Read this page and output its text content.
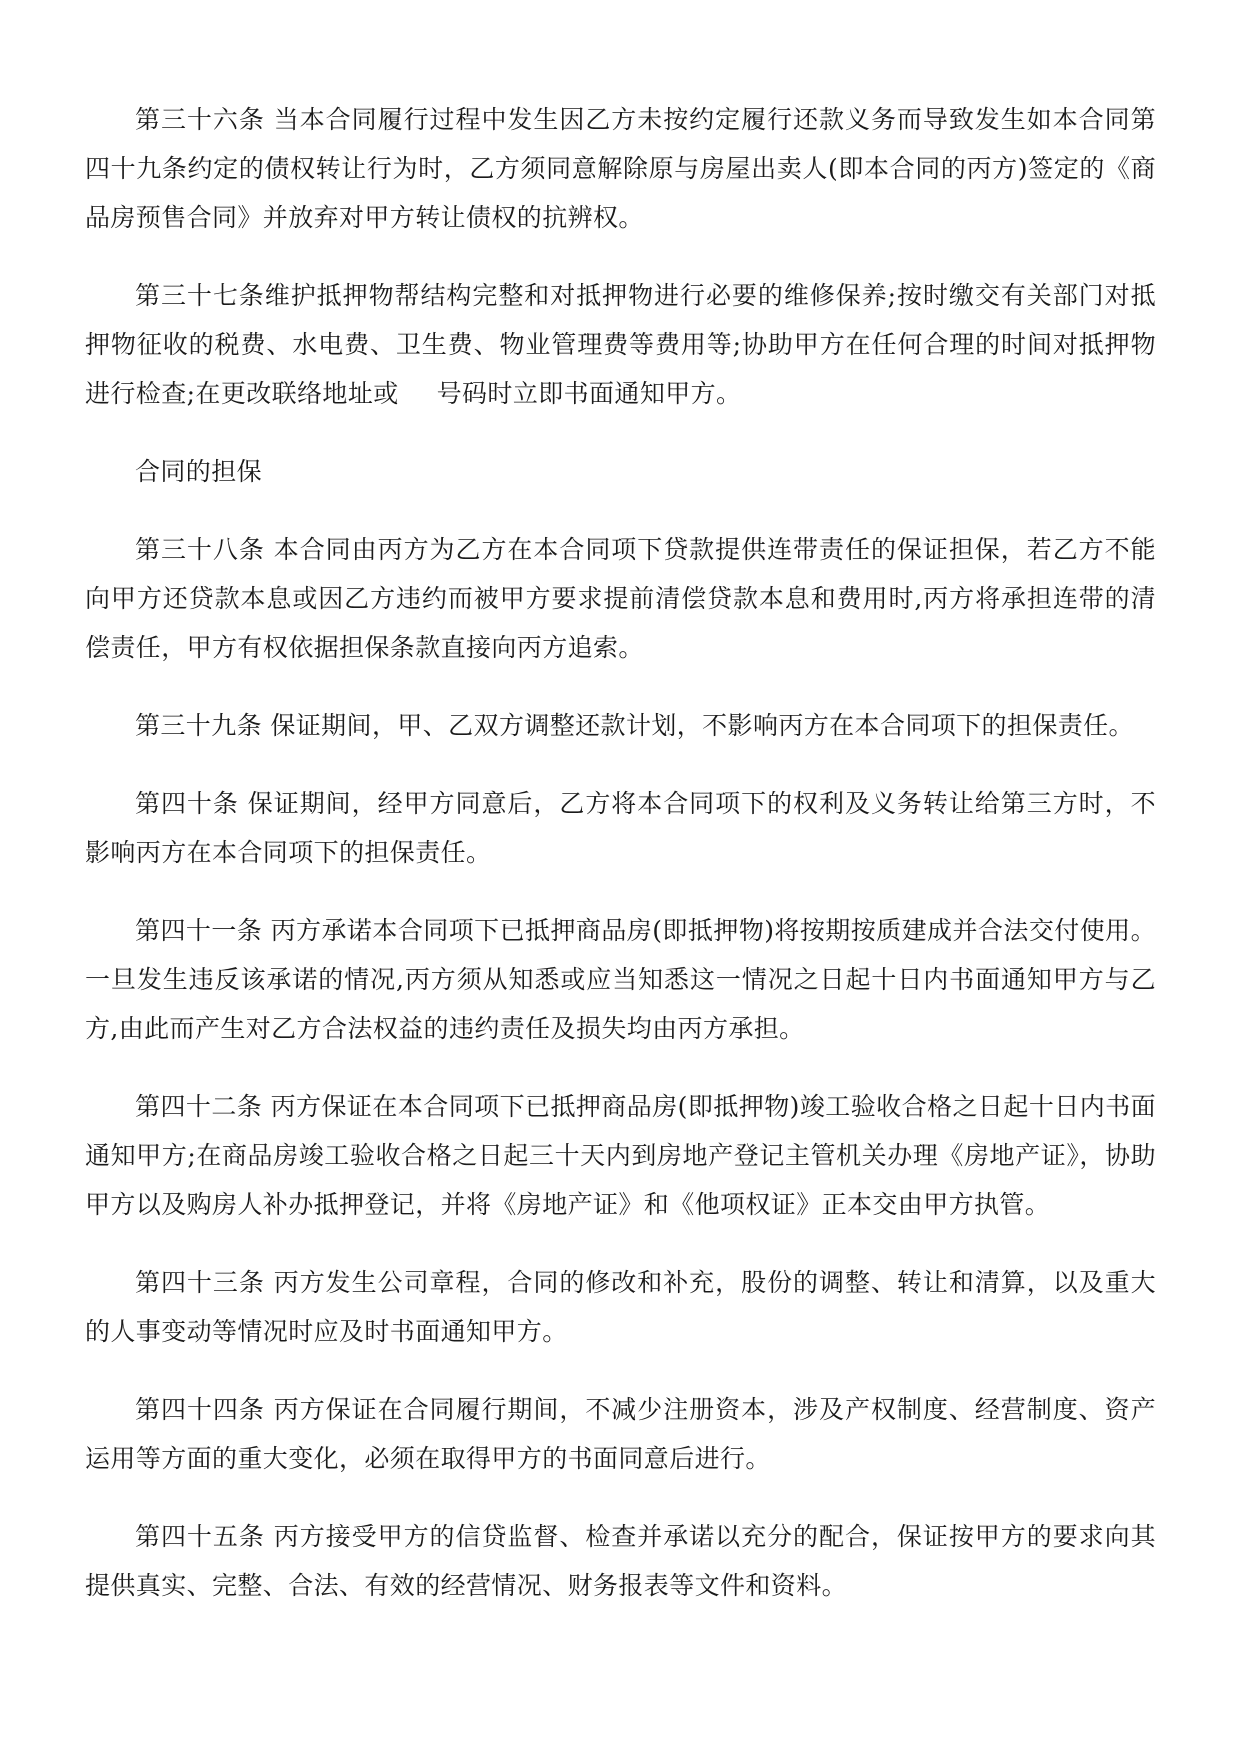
第三十六条 当本合同履行过程中发生因乙方未按约定履行还款义务而导致发生如本合同第四十九条约定的债权转让行为时，乙方须同意解除原与房屋出卖人(即本合同的丙方)签定的《商品房预售合同》并放弃对甲方转让债权的抗辨权。

第三十七条维护抵押物帮结构完整和对抵押物进行必要的维修保养;按时缴交有关部门对抵押物征收的税费、水电费、卫生费、物业管理费等费用等;协助甲方在任何合理的时间对抵押物进行检查;在更改联络地址或 号码时立即书面通知甲方。

合同的担保

第三十八条 本合同由丙方为乙方在本合同项下贷款提供连带责任的保证担保，若乙方不能向甲方还贷款本息或因乙方违约而被甲方要求提前清偿贷款本息和费用时,丙方将承担连带的清偿责任，甲方有权依据担保条款直接向丙方追索。

第三十九条 保证期间，甲、乙双方调整还款计划，不影响丙方在本合同项下的担保责任。

第四十条 保证期间，经甲方同意后，乙方将本合同项下的权利及义务转让给第三方时，不影响丙方在本合同项下的担保责任。

第四十一条 丙方承诺本合同项下已抵押商品房(即抵押物)将按期按质建成并合法交付使用。一旦发生违反该承诺的情况,丙方须从知悉或应当知悉这一情况之日起十日内书面通知甲方与乙方,由此而产生对乙方合法权益的违约责任及损失均由丙方承担。

第四十二条 丙方保证在本合同项下已抵押商品房(即抵押物)竣工验收合格之日起十日内书面通知甲方;在商品房竣工验收合格之日起三十天内到房地产登记主管机关办理《房地产证》，协助甲方以及购房人补办抵押登记，并将《房地产证》和《他项权证》正本交由甲方执管。

第四十三条 丙方发生公司章程，合同的修改和补充，股份的调整、转让和清算，以及重大的人事变动等情况时应及时书面通知甲方。

第四十四条 丙方保证在合同履行期间，不减少注册资本，涉及产权制度、经营制度、资产运用等方面的重大变化，必须在取得甲方的书面同意后进行。

第四十五条 丙方接受甲方的信贷监督、检查并承诺以充分的配合，保证按甲方的要求向其提供真实、完整、合法、有效的经营情况、财务报表等文件和资料。
